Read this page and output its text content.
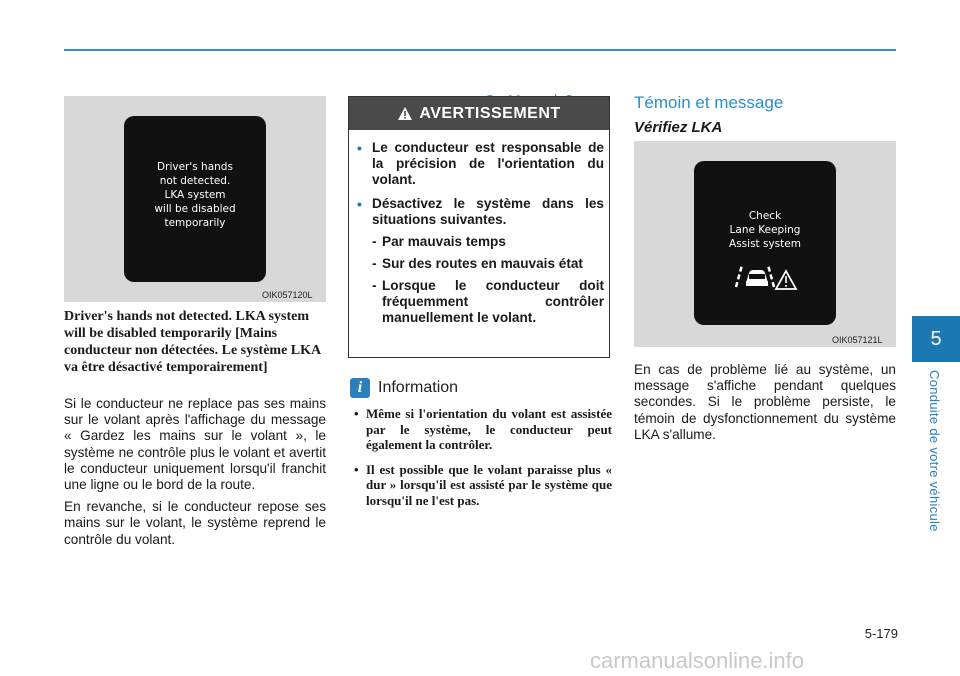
Driver's hands
not detected.
LKA system
will be disabled
temporarily
OIK057120L
Driver's hands not detected. LKA system will be disabled temporarily [Mains conducteur non détectées. Le système LKA va être désactivé temporairement]

Si le conducteur ne replace pas ses mains sur le volant après l'affichage du message « Gardez les mains sur le volant », le système ne contrôle plus le volant et avertit le conducteur uniquement lorsqu'il franchit une ligne ou le bord de la route.

En revanche, si le conducteur repose ses mains sur le volant, le système reprend le contrôle du volant.

AVERTISSEMENT
• Le conducteur est responsable de la précision de l'orientation du volant.
• Désactivez le système dans les situations suivantes.
- Par mauvais temps
- Sur des routes en mauvais état
- Lorsque le conducteur doit fréquemment contrôler manuellement le volant.
i Information
• Même si l'orientation du volant est assistée par le système, le conducteur peut également la contrôler.
• Il est possible que le volant paraisse plus « dur » lorsqu'il est assisté par le système que lorsqu'il ne l'est pas.
Témoin et message
Vérifiez LKA
Check
Lane Keeping
Assist system
OIK057121L

En cas de problème lié au système, un message s'affiche pendant quelques secondes. Si le problème persiste, le témoin de dysfonctionnement du système LKA s'allume.

5
Conduite de votre véhicule
5-179
carmanualsonline.info
